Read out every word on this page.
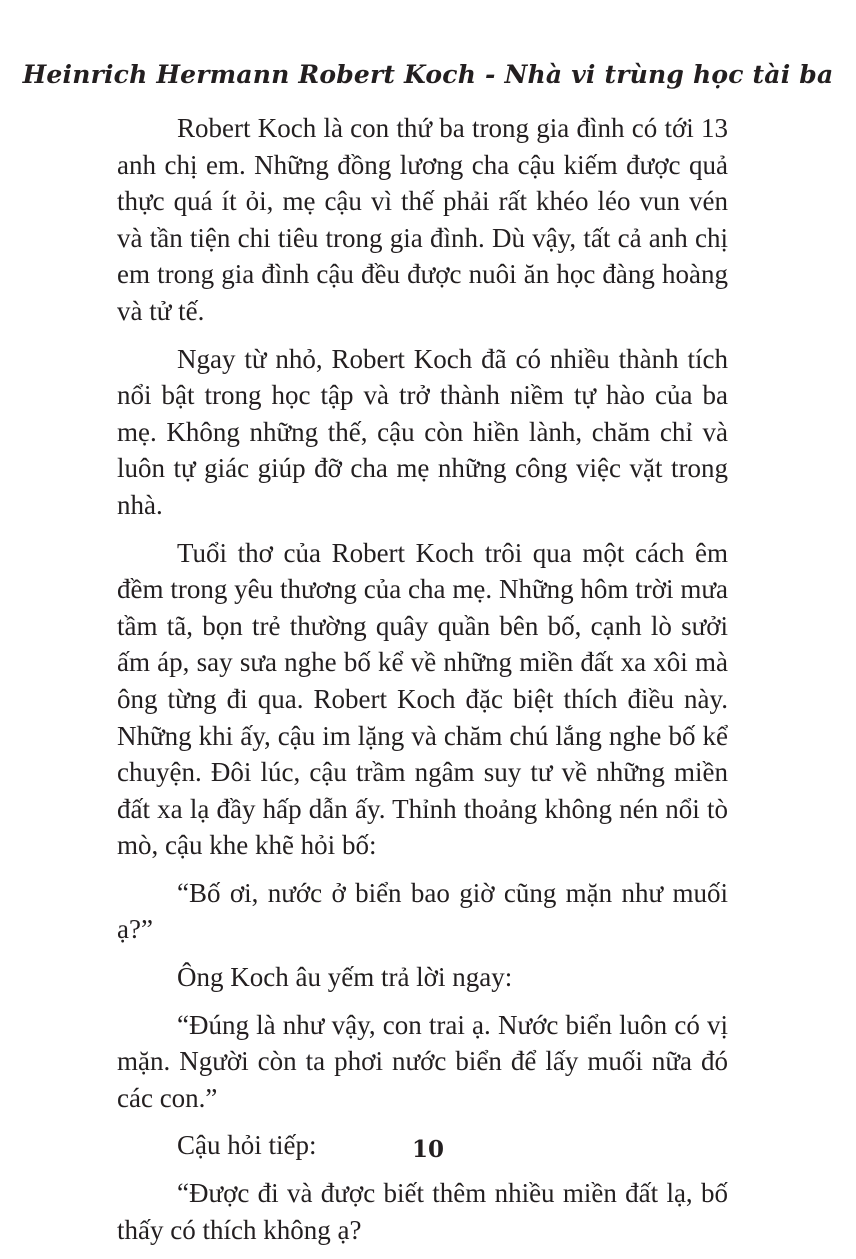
Heinrich Hermann Robert Koch - Nhà vi trùng học tài ba

Robert Koch là con thứ ba trong gia đình có tới 13 anh chị em. Những đồng lương cha cậu kiếm được quả thực quá ít ỏi, mẹ cậu vì thế phải rất khéo léo vun vén và tần tiện chi tiêu trong gia đình. Dù vậy, tất cả anh chị em trong gia đình cậu đều được nuôi ăn học đàng hoàng và tử tế.

Ngay từ nhỏ, Robert Koch đã có nhiều thành tích nổi bật trong học tập và trở thành niềm tự hào của ba mẹ. Không những thế, cậu còn hiền lành, chăm chỉ và luôn tự giác giúp đỡ cha mẹ những công việc vặt trong nhà.

Tuổi thơ của Robert Koch trôi qua một cách êm đềm trong yêu thương của cha mẹ. Những hôm trời mưa tầm tã, bọn trẻ thường quây quần bên bố, cạnh lò sưởi ấm áp, say sưa nghe bố kể về những miền đất xa xôi mà ông từng đi qua. Robert Koch đặc biệt thích điều này. Những khi ấy, cậu im lặng và chăm chú lắng nghe bố kể chuyện. Đôi lúc, cậu trầm ngâm suy tư về những miền đất xa lạ đầy hấp dẫn ấy. Thỉnh thoảng không nén nổi tò mò, cậu khe khẽ hỏi bố:

“Bố ơi, nước ở biển bao giờ cũng mặn như muối ạ?”

Ông Koch âu yếm trả lời ngay:

“Đúng là như vậy, con trai ạ. Nước biển luôn có vị mặn. Người còn ta phơi nước biển để lấy muối nữa đó các con.”

Cậu hỏi tiếp:

“Được đi và được biết thêm nhiều miền đất lạ, bố thấy có thích không ạ?

10
